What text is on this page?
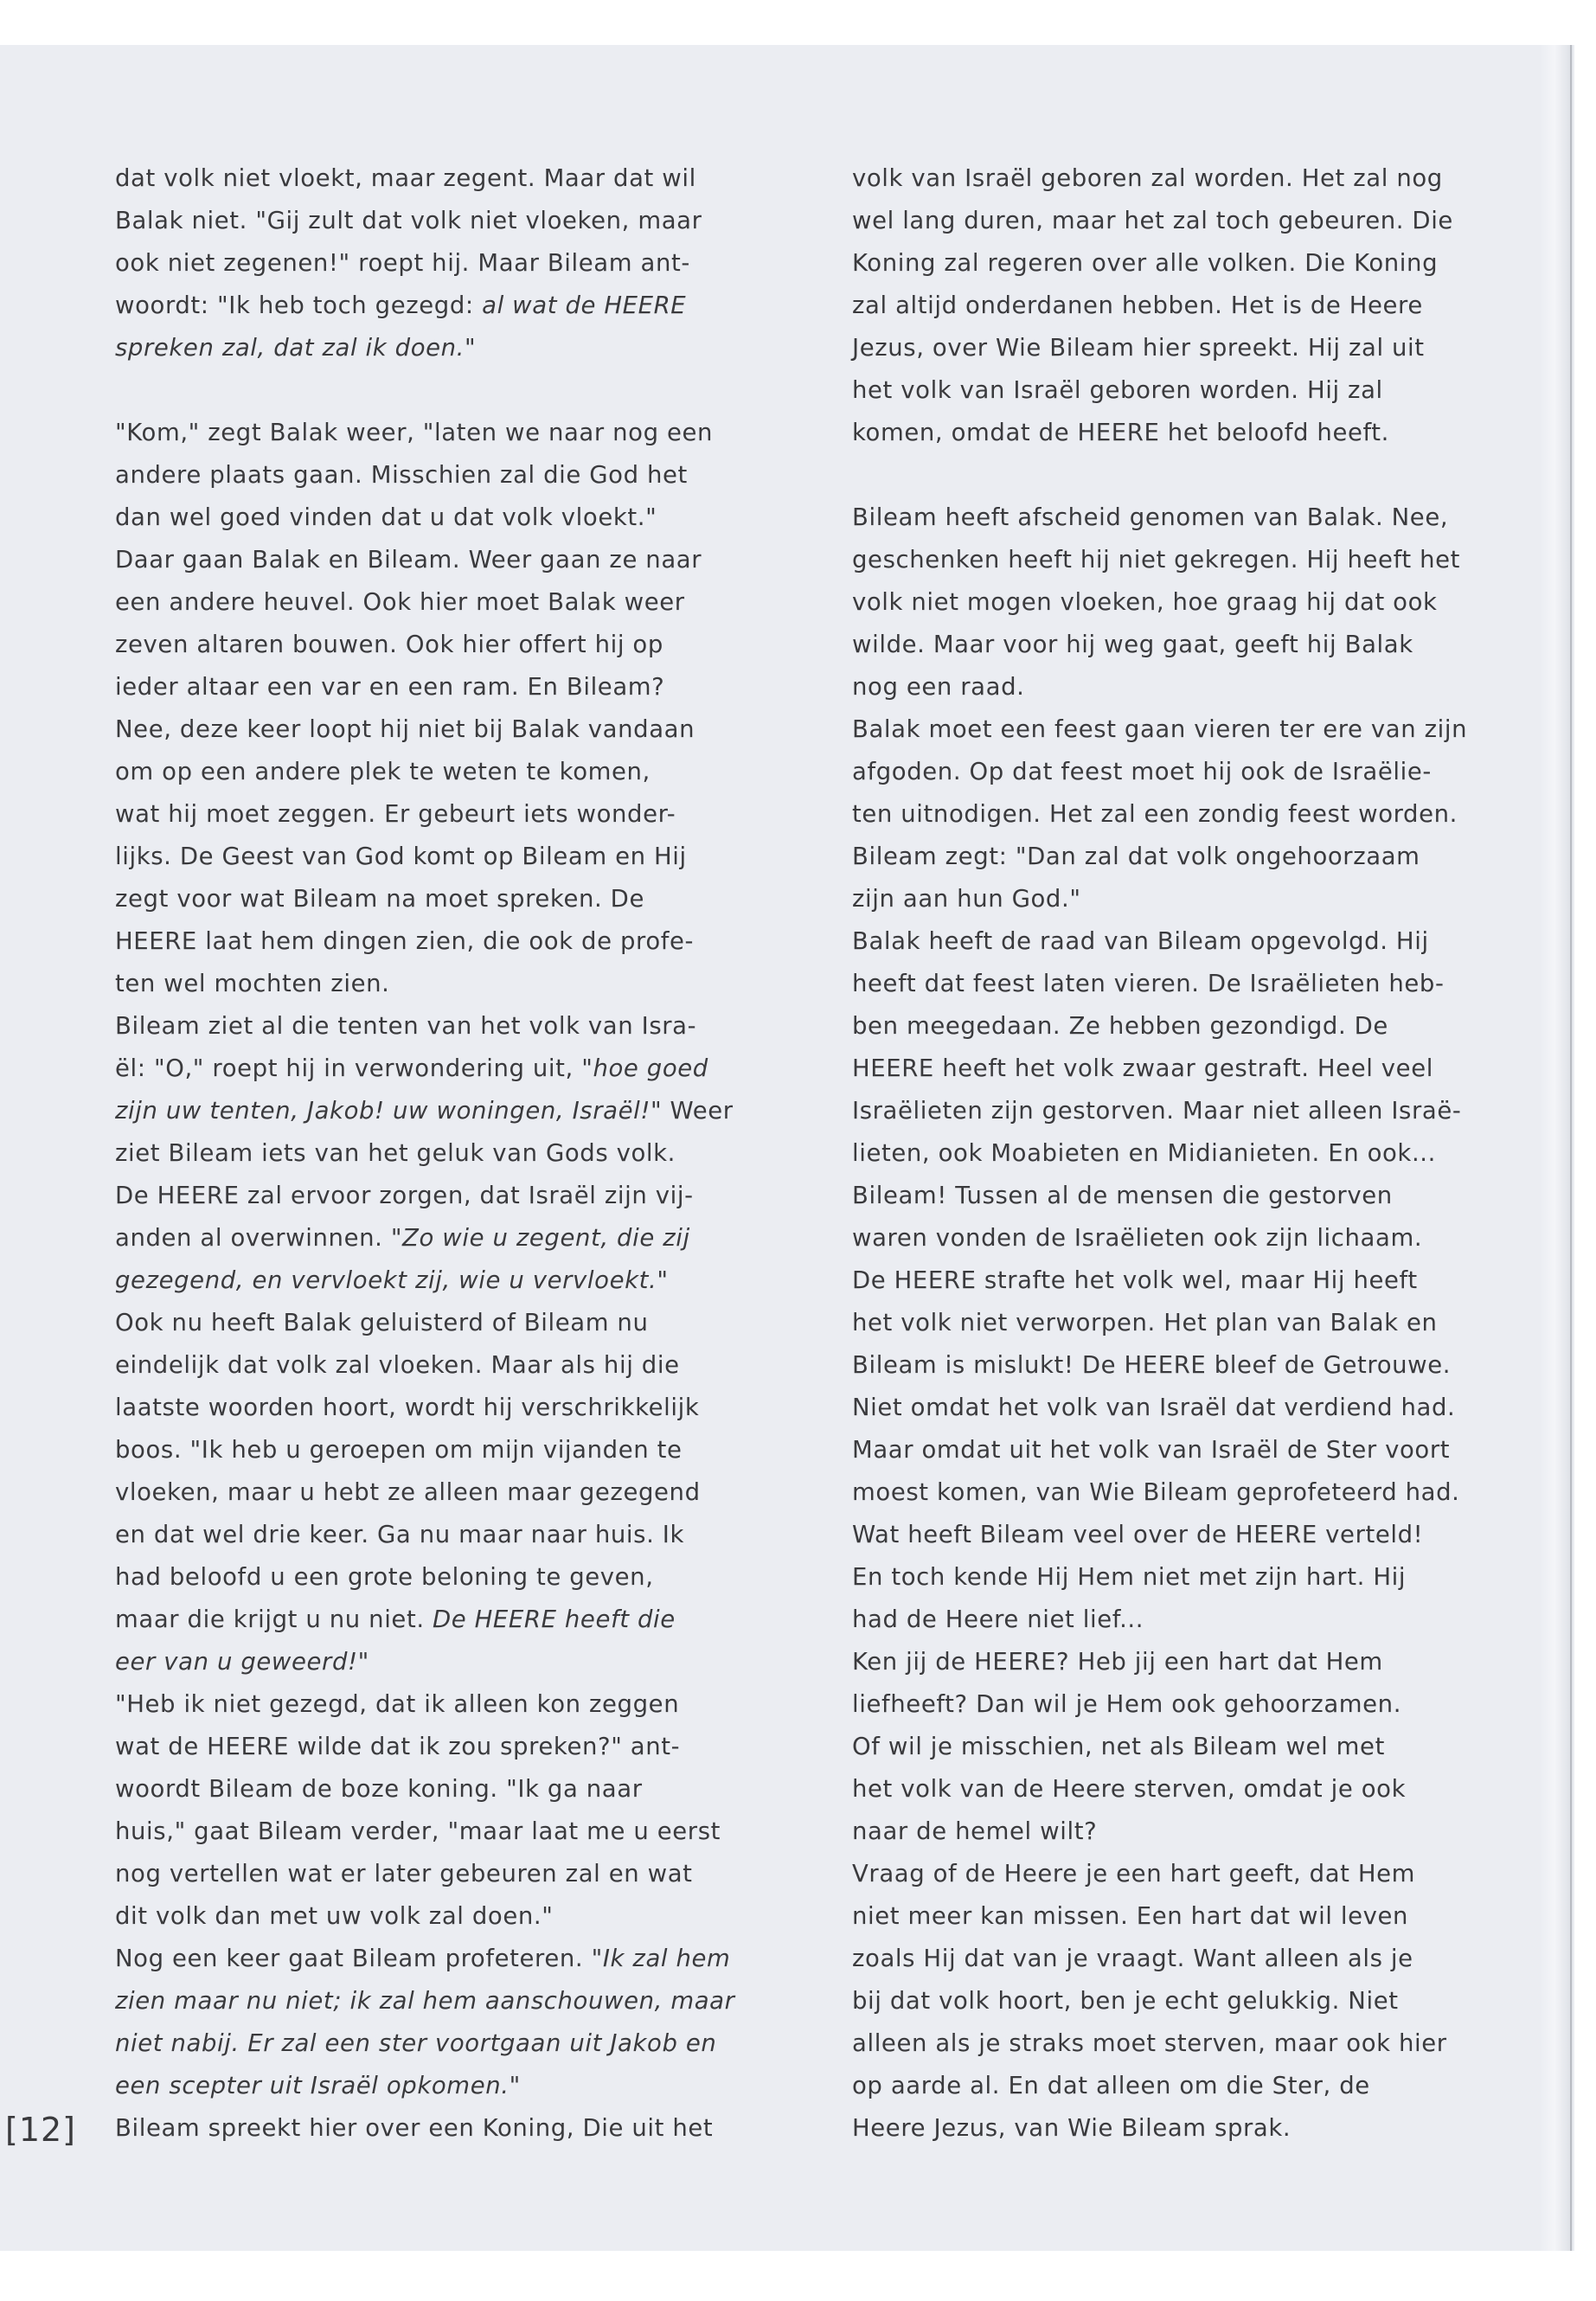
dat volk niet vloekt, maar zegent. Maar dat wil
Balak niet. "Gij zult dat volk niet vloeken, maar
ook niet zegenen!" roept hij. Maar Bileam ant-
woordt: "Ik heb toch gezegd: al wat de HEERE
spreken zal, dat zal ik doen."
"Kom," zegt Balak weer, "laten we naar nog een
andere plaats gaan. Misschien zal die God het
dan wel goed vinden dat u dat volk vloekt."
Daar gaan Balak en Bileam. Weer gaan ze naar
een andere heuvel. Ook hier moet Balak weer
zeven altaren bouwen. Ook hier offert hij op
ieder altaar een var en een ram. En Bileam?
Nee, deze keer loopt hij niet bij Balak vandaan
om op een andere plek te weten te komen,
wat hij moet zeggen. Er gebeurt iets wonder-
lijks. De Geest van God komt op Bileam en Hij
zegt voor wat Bileam na moet spreken. De
HEERE laat hem dingen zien, die ook de profe-
ten wel mochten zien.
Bileam ziet al die tenten van het volk van Isra-
ël: "O," roept hij in verwondering uit, "hoe goed
zijn uw tenten, Jakob! uw woningen, Israël!" Weer
ziet Bileam iets van het geluk van Gods volk.
De HEERE zal ervoor zorgen, dat Israël zijn vij-
anden al overwinnen. "Zo wie u zegent, die zij
gezegend, en vervloekt zij, wie u vervloekt."
Ook nu heeft Balak geluisterd of Bileam nu
eindelijk dat volk zal vloeken. Maar als hij die
laatste woorden hoort, wordt hij verschrikkelijk
boos. "Ik heb u geroepen om mijn vijanden te
vloeken, maar u hebt ze alleen maar gezegend
en dat wel drie keer. Ga nu maar naar huis. Ik
had beloofd u een grote beloning te geven,
maar die krijgt u nu niet. De HEERE heeft die
eer van u geweerd!"
"Heb ik niet gezegd, dat ik alleen kon zeggen
wat de HEERE wilde dat ik zou spreken?" ant-
woordt Bileam de boze koning. "Ik ga naar
huis," gaat Bileam verder, "maar laat me u eerst
nog vertellen wat er later gebeuren zal en wat
dit volk dan met uw volk zal doen."
Nog een keer gaat Bileam profeteren. "Ik zal hem
zien maar nu niet; ik zal hem aanschouwen, maar
niet nabij. Er zal een ster voortgaan uit Jakob en
een scepter uit Israël opkomen."
Bileam spreekt hier over een Koning, Die uit het
volk van Israël geboren zal worden. Het zal nog
wel lang duren, maar het zal toch gebeuren. Die
Koning zal regeren over alle volken. Die Koning
zal altijd onderdanen hebben. Het is de Heere
Jezus, over Wie Bileam hier spreekt. Hij zal uit
het volk van Israël geboren worden. Hij zal
komen, omdat de HEERE het beloofd heeft.
Bileam heeft afscheid genomen van Balak. Nee,
geschenken heeft hij niet gekregen. Hij heeft het
volk niet mogen vloeken, hoe graag hij dat ook
wilde. Maar voor hij weg gaat, geeft hij Balak
nog een raad.
Balak moet een feest gaan vieren ter ere van zijn
afgoden. Op dat feest moet hij ook de Israëlie-
ten uitnodigen. Het zal een zondig feest worden.
Bileam zegt: "Dan zal dat volk ongehoorzaam
zijn aan hun God."
Balak heeft de raad van Bileam opgevolgd. Hij
heeft dat feest laten vieren. De Israëlieten heb-
ben meegedaan. Ze hebben gezondigd. De
HEERE heeft het volk zwaar gestraft. Heel veel
Israëlieten zijn gestorven. Maar niet alleen Israë-
lieten, ook Moabieten en Midianieten. En ook...
Bileam! Tussen al de mensen die gestorven
waren vonden de Israëlieten ook zijn lichaam.
De HEERE strafte het volk wel, maar Hij heeft
het volk niet verworpen. Het plan van Balak en
Bileam is mislukt! De HEERE bleef de Getrouwe.
Niet omdat het volk van Israël dat verdiend had.
Maar omdat uit het volk van Israël de Ster voort
moest komen, van Wie Bileam geprofeteerd had.
Wat heeft Bileam veel over de HEERE verteld!
En toch kende Hij Hem niet met zijn hart. Hij
had de Heere niet lief...
Ken jij de HEERE? Heb jij een hart dat Hem
liefheeft? Dan wil je Hem ook gehoorzamen.
Of wil je misschien, net als Bileam wel met
het volk van de Heere sterven, omdat je ook
naar de hemel wilt?
Vraag of de Heere je een hart geeft, dat Hem
niet meer kan missen. Een hart dat wil leven
zoals Hij dat van je vraagt. Want alleen als je
bij dat volk hoort, ben je echt gelukkig. Niet
alleen als je straks moet sterven, maar ook hier
op aarde al. En dat alleen om die Ster, de
Heere Jezus, van Wie Bileam sprak.
[12]
